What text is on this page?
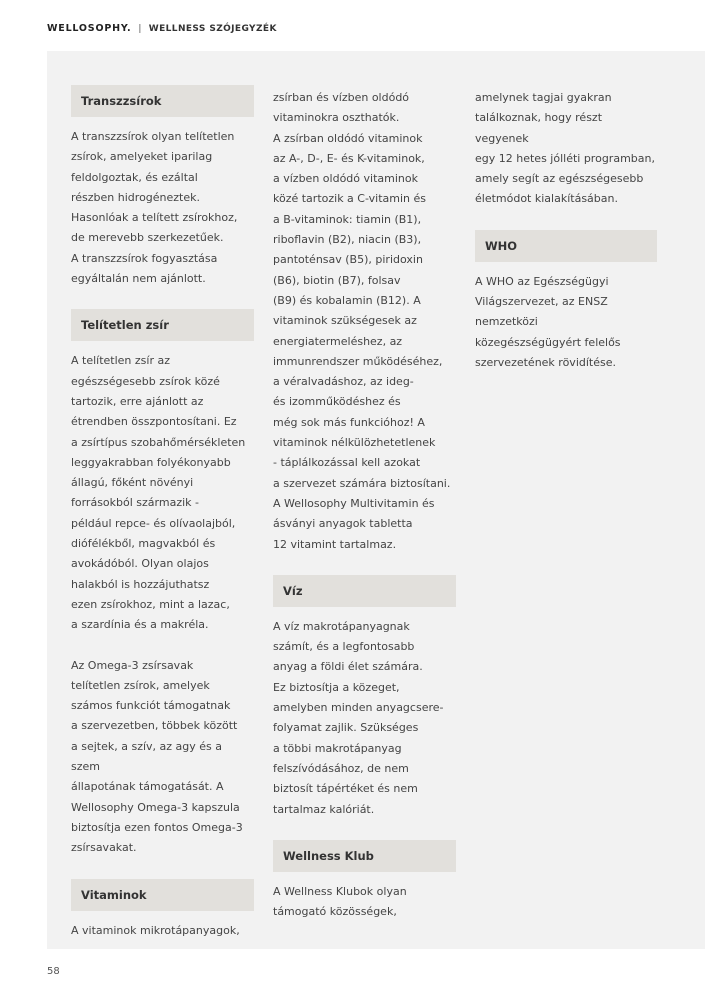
WELLOSOPHY. | WELLNESS SZÓJEGYZÉK
Transzzsírok

A transzzsírok olyan telítetlen
zsírok, amelyeket iparilag
feldolgoztak, és ezáltal
részben hidrogéneztek.
Hasonlóak a telített zsírokhoz,
de merevebb szerkezetűek.
A transzzsírok fogyasztása
egyáltalán nem ajánlott.

Telítetlen zsír

A telítetlen zsír az
egészségesebb zsírok közé
tartozik, erre ajánlott az
étrendben összpontosítani. Ez
a zsírtípus szobahőmérsékleten
leggyakrabban folyékonyabb
állagú, főként növényi
forrásokból származik -
például repce- és olívaolajból,
diófélékből, magvakból és
avokádóból. Olyan olajos
halakból is hozzájuthatsz
ezen zsírokhoz, mint a lazac,
a szardínia és a makréla.

Az Omega-3 zsírsavak
telítetlen zsírok, amelyek
számos funkciót támogatnak
a szervezetben, többek között
a sejtek, a szív, az agy és a szem
állapotának támogatását. A
Wellosophy Omega-3 kapszula
biztosítja ezen fontos Omega-3
zsírsavakat.

Vitaminok

A vitaminok mikrotápanyagok,

zsírban és vízben oldódó
vitaminokra oszthatók.
A zsírban oldódó vitaminok
az A-, D-, E- és K-vitaminok,
a vízben oldódó vitaminok
közé tartozik a C-vitamin és
a B-vitaminok: tiamin (B1),
riboflavin (B2), niacin (B3),
pantoténsav (B5), piridoxin
(B6), biotin (B7), folsav
(B9) és kobalamin (B12). A
vitaminok szükségesek az
energiatermeléshez, az
immunrendszer működéséhez,
a véralvadáshoz, az ideg-
és izomműködéshez és
még sok más funkcióhoz! A
vitaminok nélkülözhetetlenek
- táplálkozással kell azokat
a szervezet számára biztosítani.
A Wellosophy Multivitamin és
ásványi anyagok tabletta
12 vitamint tartalmaz.

Víz

A víz makrotápanyagnak
számít, és a legfontosabb
anyag a földi élet számára.
Ez biztosítja a közeget,
amelyben minden anyagcsere-
folyamat zajlik. Szükséges
a többi makrotápanyag
felszívódásához, de nem
biztosít tápértéket és nem
tartalmaz kalóriát.

Wellness Klub

A Wellness Klubok olyan
támogató közösségek,

amelynek tagjai gyakran
találkoznak, hogy részt
vegyenek
egy 12 hetes jólléti programban,
amely segít az egészségesebb
életmódot kialakításában.

WHO

A WHO az Egészségügyi
Világszervezet, az ENSZ
nemzetközi
közegészségügyért felelős
szervezetének rövidítése.

58
